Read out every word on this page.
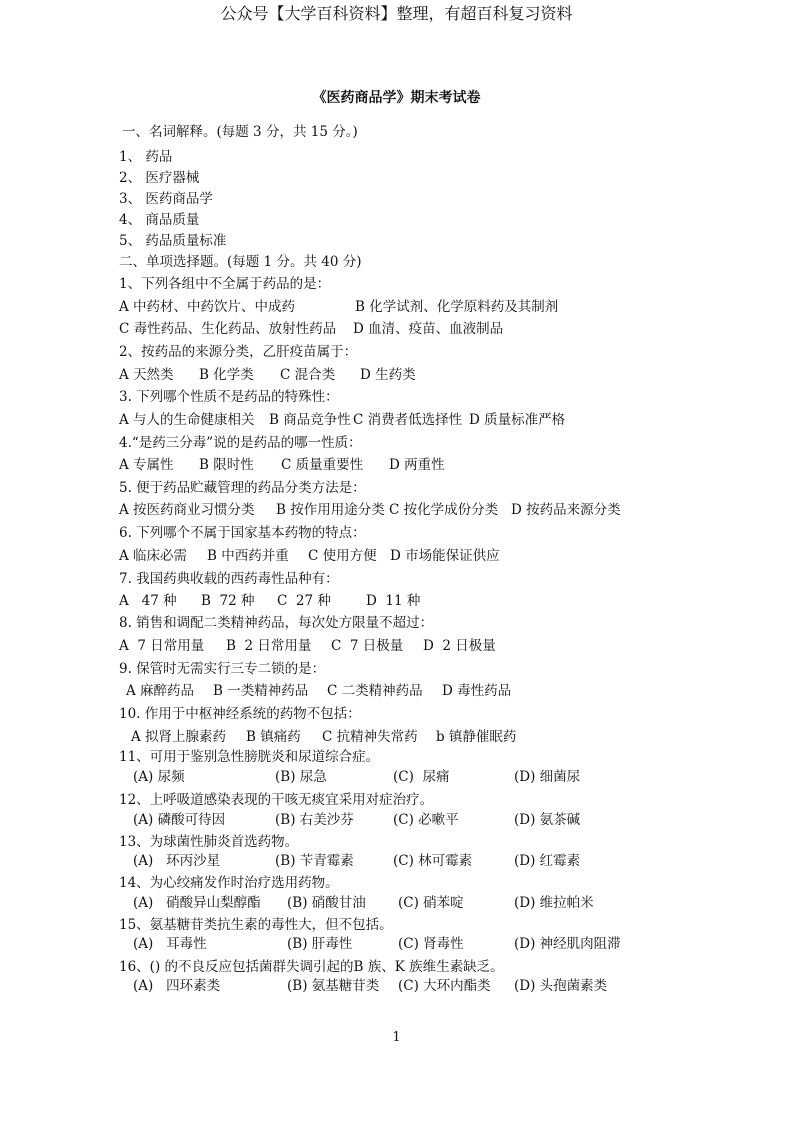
公众号【大学百科资料】整理，有超百科复习资料
《医药商品学》期末考试卷
一、名词解释。(每题 3 分，共 15 分。)
1、 药品
2、 医疗器械
3、 医药商品学
4、 商品质量
5、 药品质量标准
二、单项选择题。(每题 1 分。共 40 分)
1、下列各组中不全属于药品的是：

A 中药材、中药饮片、中成药

	B 化学试剂、化学原料药及其制剂

C 毒性药品、生化药品、放射性药品

D 血清、疫苗、血液制品

2、按药品的来源分类，乙肝疫苗属于：

A 天然类

B 化学类

C 混合类

D 生药类

3. 下列哪个性质不是药品的特殊性：

A 与人的生命健康相关

B 商品竞争性

C 消费者低选择性

D 质量标准严格

4.“是药三分毒”说的是药品的哪一性质：

A 专属性

B 限时性

C 质量重要性

D 两重性

5. 便于药品贮藏管理的药品分类方法是：

A 按医药商业习惯分类

B 按作用用途分类

C 按化学成份分类

D 按药品来源分类

6. 下列哪个不属于国家基本药物的特点：

A 临床必需

B 中西药并重

C 使用方便

D 市场能保证供应

7. 我国药典收载的西药毒性品种有：

A   47 种

B  72 种

C  27 种

	D  11 种

8. 销售和调配二类精神药品，每次处方限量不超过：

A  7 日常用量

B  2 日常用量

C  7 日极量

D  2 日极量

9. 保管时无需实行三专二锁的是：

A 麻醉药品

B 一类精神药品

C 二类精神药品

D 毒性药品

10. 作用于中枢神经系统的药物不包括：

A 拟肾上腺素药

B 镇痛药

C 抗精神失常药

b 镇静催眠药

11、可用于鉴别急性膀胱炎和尿道综合症。

(A) 尿频

	(B) 尿急

	(C)  尿痛

	(D) 细菌尿

12、上呼吸道感染表现的干咳无痰宜采用对症治疗。

(A) 磷酸可待因

	(B) 右美沙芬

	(C) 必嗽平

	(D) 氨茶碱

13、为球菌性肺炎首选药物。

(A)   环丙沙星

	(B) 苄青霉素

	(C) 林可霉素

	(D) 红霉素

14、为心绞痛发作时治疗选用药物。

(A)   硝酸异山梨醇酯

(B) 硝酸甘油

(C) 硝苯啶

	(D) 维拉帕米

15、氨基糖苷类抗生素的毒性大，但不包括。

(A)   耳毒性

	(B) 肝毒性

	(C) 肾毒性

	(D) 神经肌肉阻滞

16、() 的不良反应包括菌群失调引起的B 族、K 族维生素缺乏。

(A)   四环素类

	(B) 氨基糖苷类

(C) 大环内酯类

(D) 头孢菌素类

1
